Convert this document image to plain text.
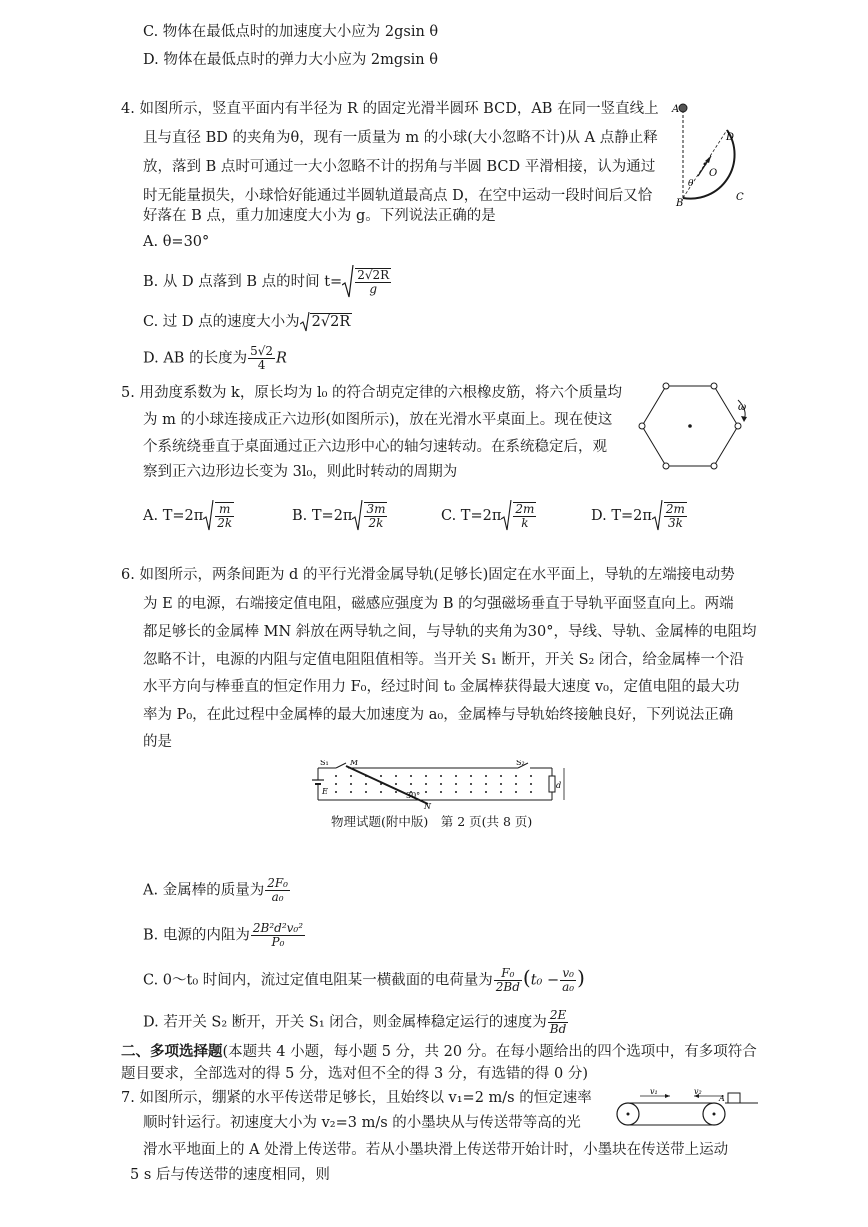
C. 物体在最低点时的加速度大小应为 2gsin θ
D. 物体在最低点时的弹力大小应为 2mgsin θ
4. 如图所示，竖直平面内有半径为 R 的固定光滑半圆环 BCD，AB 在同一竖直线上
且与直径 BD 的夹角为θ，现有一质量为 m 的小球(大小忽略不计)从 A 点静止释
放，落到 B 点时可通过一大小忽略不计的拐角与半圆 BCD 平滑相接，认为通过
时无能量损失，小球恰好能通过半圆轨道最高点 D，在空中运动一段时间后又恰
好落在 B 点，重力加速度大小为 g。下列说法正确的是
A. θ=30°
B. 从 D 点落到 B 点的时间 $t= \frac{2√2R}{g}$
C. 过 D 点的速度大小为 2√2R
D. AB 的长度为 $\frac{5√2}{4}$ R
A
D
O
θ
B
C
5. 用劲度系数为 k，原长均为 l₀ 的符合胡克定律的六根橡皮筋，将六个质量均
为 m 的小球连接成正六边形(如图所示)，放在光滑水平桌面上。现在使这
个系统绕垂直于桌面通过正六边形中心的轴匀速转动。在系统稳定后，观
察到正六边形边长变为 3l₀，则此时转动的周期为
ω
A. $T=2\pi \frac{m}{2k}$	B. $T=2\pi \frac{3m}{2k}$	C. $T=2\pi \frac{2m}{k}$	D. $T=2\pi \frac{2m}{3k}$
6. 如图所示，两条间距为 d 的平行光滑金属导轨(足够长)固定在水平面上，导轨的左端接电动势
为 E 的电源，右端接定值电阻，磁感应强度为 B 的匀强磁场垂直于导轨平面竖直向上。两端
都足够长的金属棒 MN 斜放在两导轨之间，与导轨的夹角为30°，导线、导轨、金属棒的电阻均
忽略不计，电源的内阻与定值电阻阻值相等。当开关 S₁ 断开，开关 S₂ 闭合，给金属棒一个沿
水平方向与棒垂直的恒定作用力 F₀，经过时间 t₀ 金属棒获得最大速度 v₀，定值电阻的最大功
率为 P₀，在此过程中金属棒的最大加速度为 a₀，金属棒与导轨始终接触良好，下列说法正确
的是
S₁	M	S₂
E
d
30°
N
物理试题(附中版)　第 2 页(共 8 页)
A. 金属棒的质量为 $\frac{\text{2F₀}}{\text{a₀}}$
B. 电源的内阻为 $\frac{\text{2B²d²v₀²}}{\text{P₀}}$
C. 0～t₀ 时间内，流过定值电阻某一横截面的电荷量为 $\frac{\text{F₀}}{2Bd} (t_0 - \frac{\text{v₀}}{\text{a₀}}$ )
D. 若开关 S₂ 断开，开关 S₁ 闭合，则金属棒稳定运行的速度为 $\frac{2E}{Bd}$
二、多项选择题(本题共 4 小题，每小题 5 分，共 20 分。在每小题给出的四个选项中，有多项符合
题目要求，全部选对的得 5 分，选对但不全的得 3 分，有选错的得 0 分)
7. 如图所示，绷紧的水平传送带足够长，且始终以 v₁=2 m/s 的恒定速率
顺时针运行。初速度大小为 v₂=3 m/s 的小墨块从与传送带等高的光
滑水平地面上的 A 处滑上传送带。若从小墨块滑上传送带开始计时，小墨块在传送带上运动
5 s 后与传送带的速度相同，则
v₁	v₂
A
